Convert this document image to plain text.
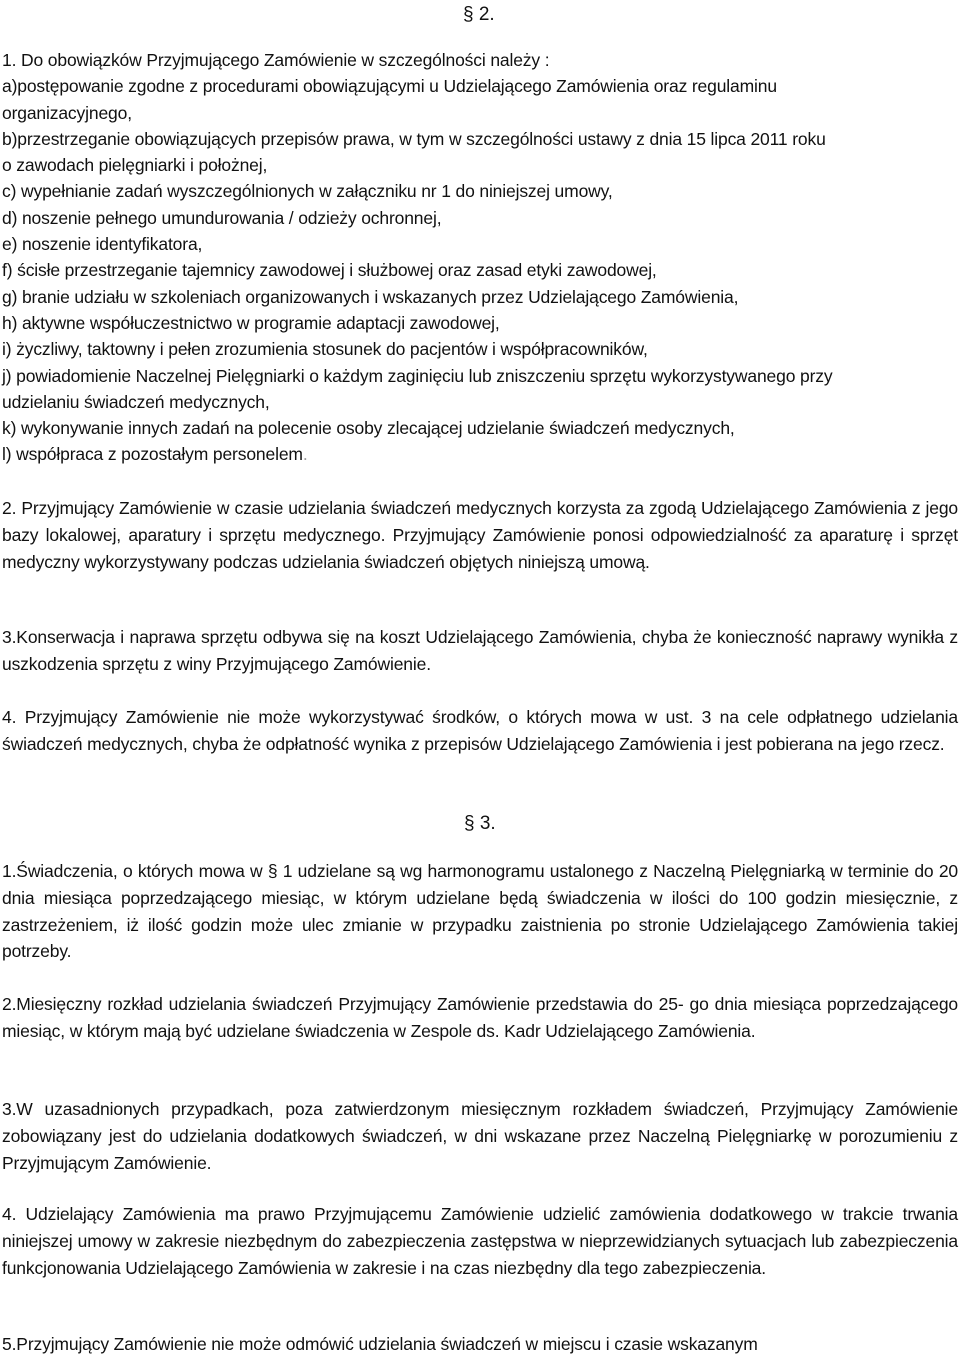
§ 2.
1. Do obowiązków Przyjmującego Zamówienie w szczególności należy :
a)postępowanie zgodne z procedurami obowiązującymi u Udzielającego Zamówienia oraz regulaminu
organizacyjnego,
b)przestrzeganie obowiązujących przepisów prawa, w tym w szczególności ustawy z dnia 15 lipca 2011 roku
o zawodach pielęgniarki i położnej,
c) wypełnianie zadań wyszczególnionych w załączniku nr 1 do niniejszej umowy,
d) noszenie pełnego umundurowania / odzieży ochronnej,
e) noszenie identyfikatora,
f) ścisłe przestrzeganie tajemnicy zawodowej i służbowej oraz zasad etyki zawodowej,
g) branie udziału w szkoleniach organizowanych i wskazanych przez Udzielającego Zamówienia,
h) aktywne współuczestnictwo w programie adaptacji zawodowej,
i) życzliwy, taktowny i pełen zrozumienia stosunek do pacjentów i współpracowników,
j) powiadomienie Naczelnej Pielęgniarki o każdym zaginięciu lub zniszczeniu sprzętu wykorzystywanego przy
udzielaniu świadczeń medycznych,
k) wykonywanie innych zadań na polecenie osoby zlecającej udzielanie świadczeń medycznych,
l) współpraca z pozostałym personelem.

2. Przyjmujący Zamówienie w czasie udzielania świadczeń medycznych korzysta za zgodą Udzielającego Zamówienia z jego bazy lokalowej, aparatury i sprzętu medycznego. Przyjmujący Zamówienie ponosi odpowiedzialność za aparaturę i sprzęt medyczny wykorzystywany podczas udzielania świadczeń objętych niniejszą umową.

3.Konserwacja i naprawa sprzętu odbywa się na koszt Udzielającego Zamówienia, chyba że konieczność naprawy wynikła z uszkodzenia sprzętu z winy Przyjmującego Zamówienie.

4. Przyjmujący Zamówienie nie może wykorzystywać środków, o których mowa w ust. 3 na cele odpłatnego udzielania świadczeń medycznych, chyba że odpłatność wynika z przepisów Udzielającego Zamówienia i jest pobierana na jego rzecz.

§ 3.

1.Świadczenia, o których mowa w § 1 udzielane są wg harmonogramu ustalonego z Naczelną Pielęgniarką w terminie do 20 dnia miesiąca poprzedzającego miesiąc, w którym udzielane będą świadczenia w ilości do 100 godzin miesięcznie, z zastrzeżeniem, iż ilość godzin może ulec zmianie w przypadku zaistnienia po stronie Udzielającego Zamówienia takiej potrzeby.

2.Miesięczny rozkład udzielania świadczeń Przyjmujący Zamówienie przedstawia do 25- go dnia miesiąca poprzedzającego miesiąc, w którym mają być udzielane świadczenia w Zespole ds. Kadr Udzielającego Zamówienia.

3.W uzasadnionych przypadkach, poza zatwierdzonym miesięcznym rozkładem świadczeń, Przyjmujący Zamówienie zobowiązany jest do udzielania dodatkowych świadczeń, w dni wskazane przez Naczelną Pielęgniarkę w porozumieniu z Przyjmującym Zamówienie.

4. Udzielający Zamówienia ma prawo Przyjmującemu Zamówienie udzielić zamówienia dodatkowego w trakcie trwania niniejszej umowy w zakresie niezbędnym do zabezpieczenia zastępstwa w nieprzewidzianych sytuacjach lub zabezpieczenia funkcjonowania Udzielającego Zamówienia w zakresie i na czas niezbędny dla tego zabezpieczenia.

5.Przyjmujący Zamówienie nie może odmówić udzielania świadczeń w miejscu i czasie wskazanym
